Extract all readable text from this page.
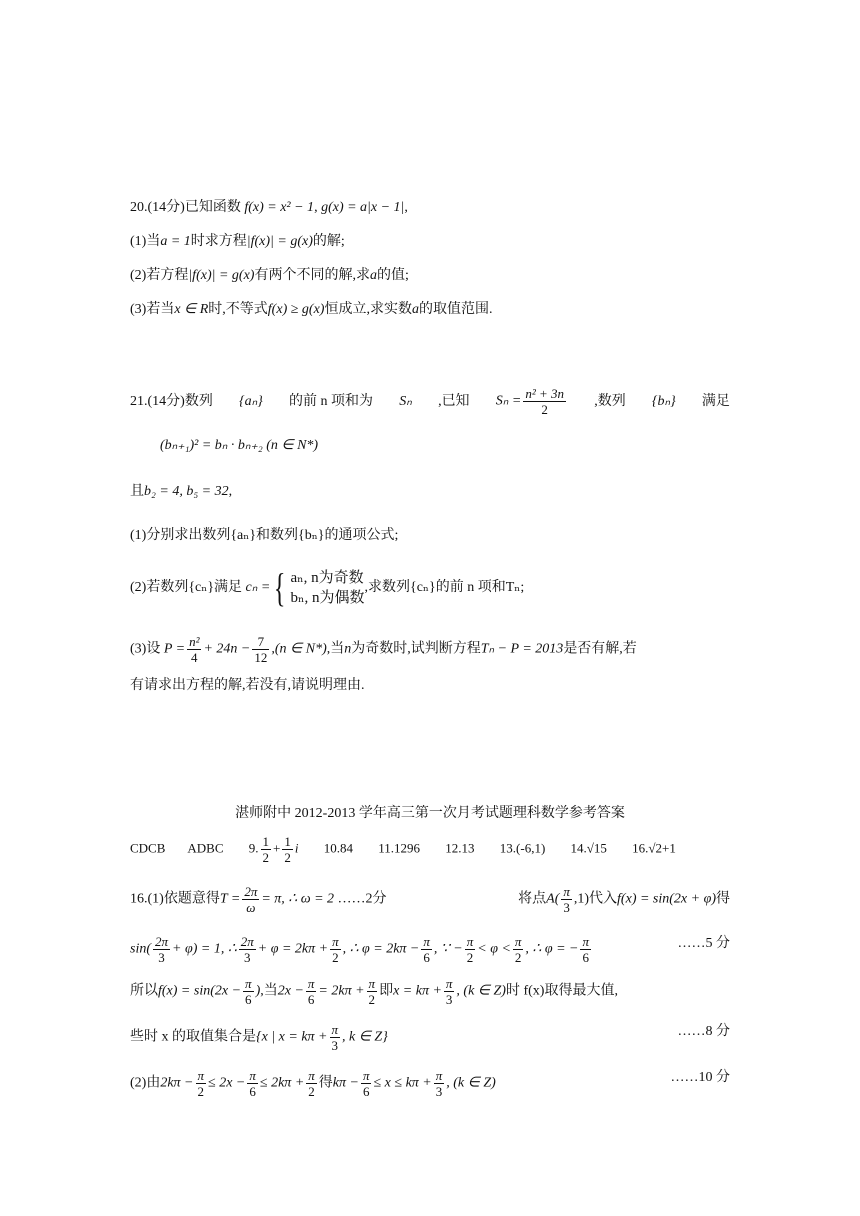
20.(14分)已知函数 f(x) = x² − 1, g(x) = a|x − 1|,
(1)当a = 1时求方程|f(x)| = g(x)的解;
(2)若方程|f(x)| = g(x)有两个不同的解,求a的值;
(3)若当x ∈ R时,不等式f(x) ≥ g(x)恒成立,求实数a的取值范围.
21.(14分)数列 {aₙ} 的前 n 项和为 Sₙ ,已知 $S_n = \frac{\text{n² + 3n}}{2}$ ,数列 {bₙ} 满足
(bₙ₊₁)² = bₙ · bₙ₊₂ (n ∈ N*)
且b₂ = 4, b₅ = 32,
(1)分别求出数列{aₙ}和数列{bₙ}的通项公式;
(2)若数列{cₙ}满足 cₙ ={ aₙ, n为奇数
bₙ, n为偶数
,求数列{cₙ}的前 n 项和Tₙ;
(3)设 $P = \frac{\text{n²}}{4} + 24n - \frac{7}{12} ,(n$ ∈ N*),当n为奇数时,试判断方程Tₙ − P = 2013是否有解,若
有请求出方程的解,若没有,请说明理由.
湛师附中 2012-2013 学年高三第一次月考试题理科数学参考答案
CDCB ADBC 9. $\frac{1}{2} + \frac{1}{2}$ i 10.84 11.1296 12.13 13.(-6,1) 14.√15 16.√2+1
16.(1)依题意得$T = \frac{2\pi}{\omega} = \pi$, ∴ ω = 2 ……2分	将点$A( \frac{\pi}{3} ,1)$代入f(x) = sin(2x + φ)得
$\sin( \frac{2\pi}{3} + \varphi) = 1$, ∴ $\frac{2\pi}{3} + \varphi = 2k\pi + \frac{\pi}{2}$ , ∴ $\varphi = 2k\pi - \frac{\pi}{6}$ , ∵ − $\frac{\pi}{2} < \varphi < \frac{\pi}{2}$ , ∴ φ = − $\frac{\pi}{6}$	……5 分
所以$f(x) = \sin(2x - \frac{\pi}{6}$ ),当$2x - \frac{\pi}{6} = 2k\pi + \frac{\pi}{2}$ 即$x = k\pi + \frac{\pi}{3}$ , (k ∈ Z)时 f(x)取得最大值,
些时 x 的取值集合是{x | $x = k\pi + \frac{\pi}{3}$ , k ∈ Z}	……8 分
(2)由$2k\pi - \frac{\pi}{2} \le 2x - \frac{\pi}{6} \le 2k\pi + \frac{\pi}{2}$ 得$k\pi - \frac{\pi}{6} \le x \le k\pi + \frac{\pi}{3}$ , (k ∈ Z)	……10 分
